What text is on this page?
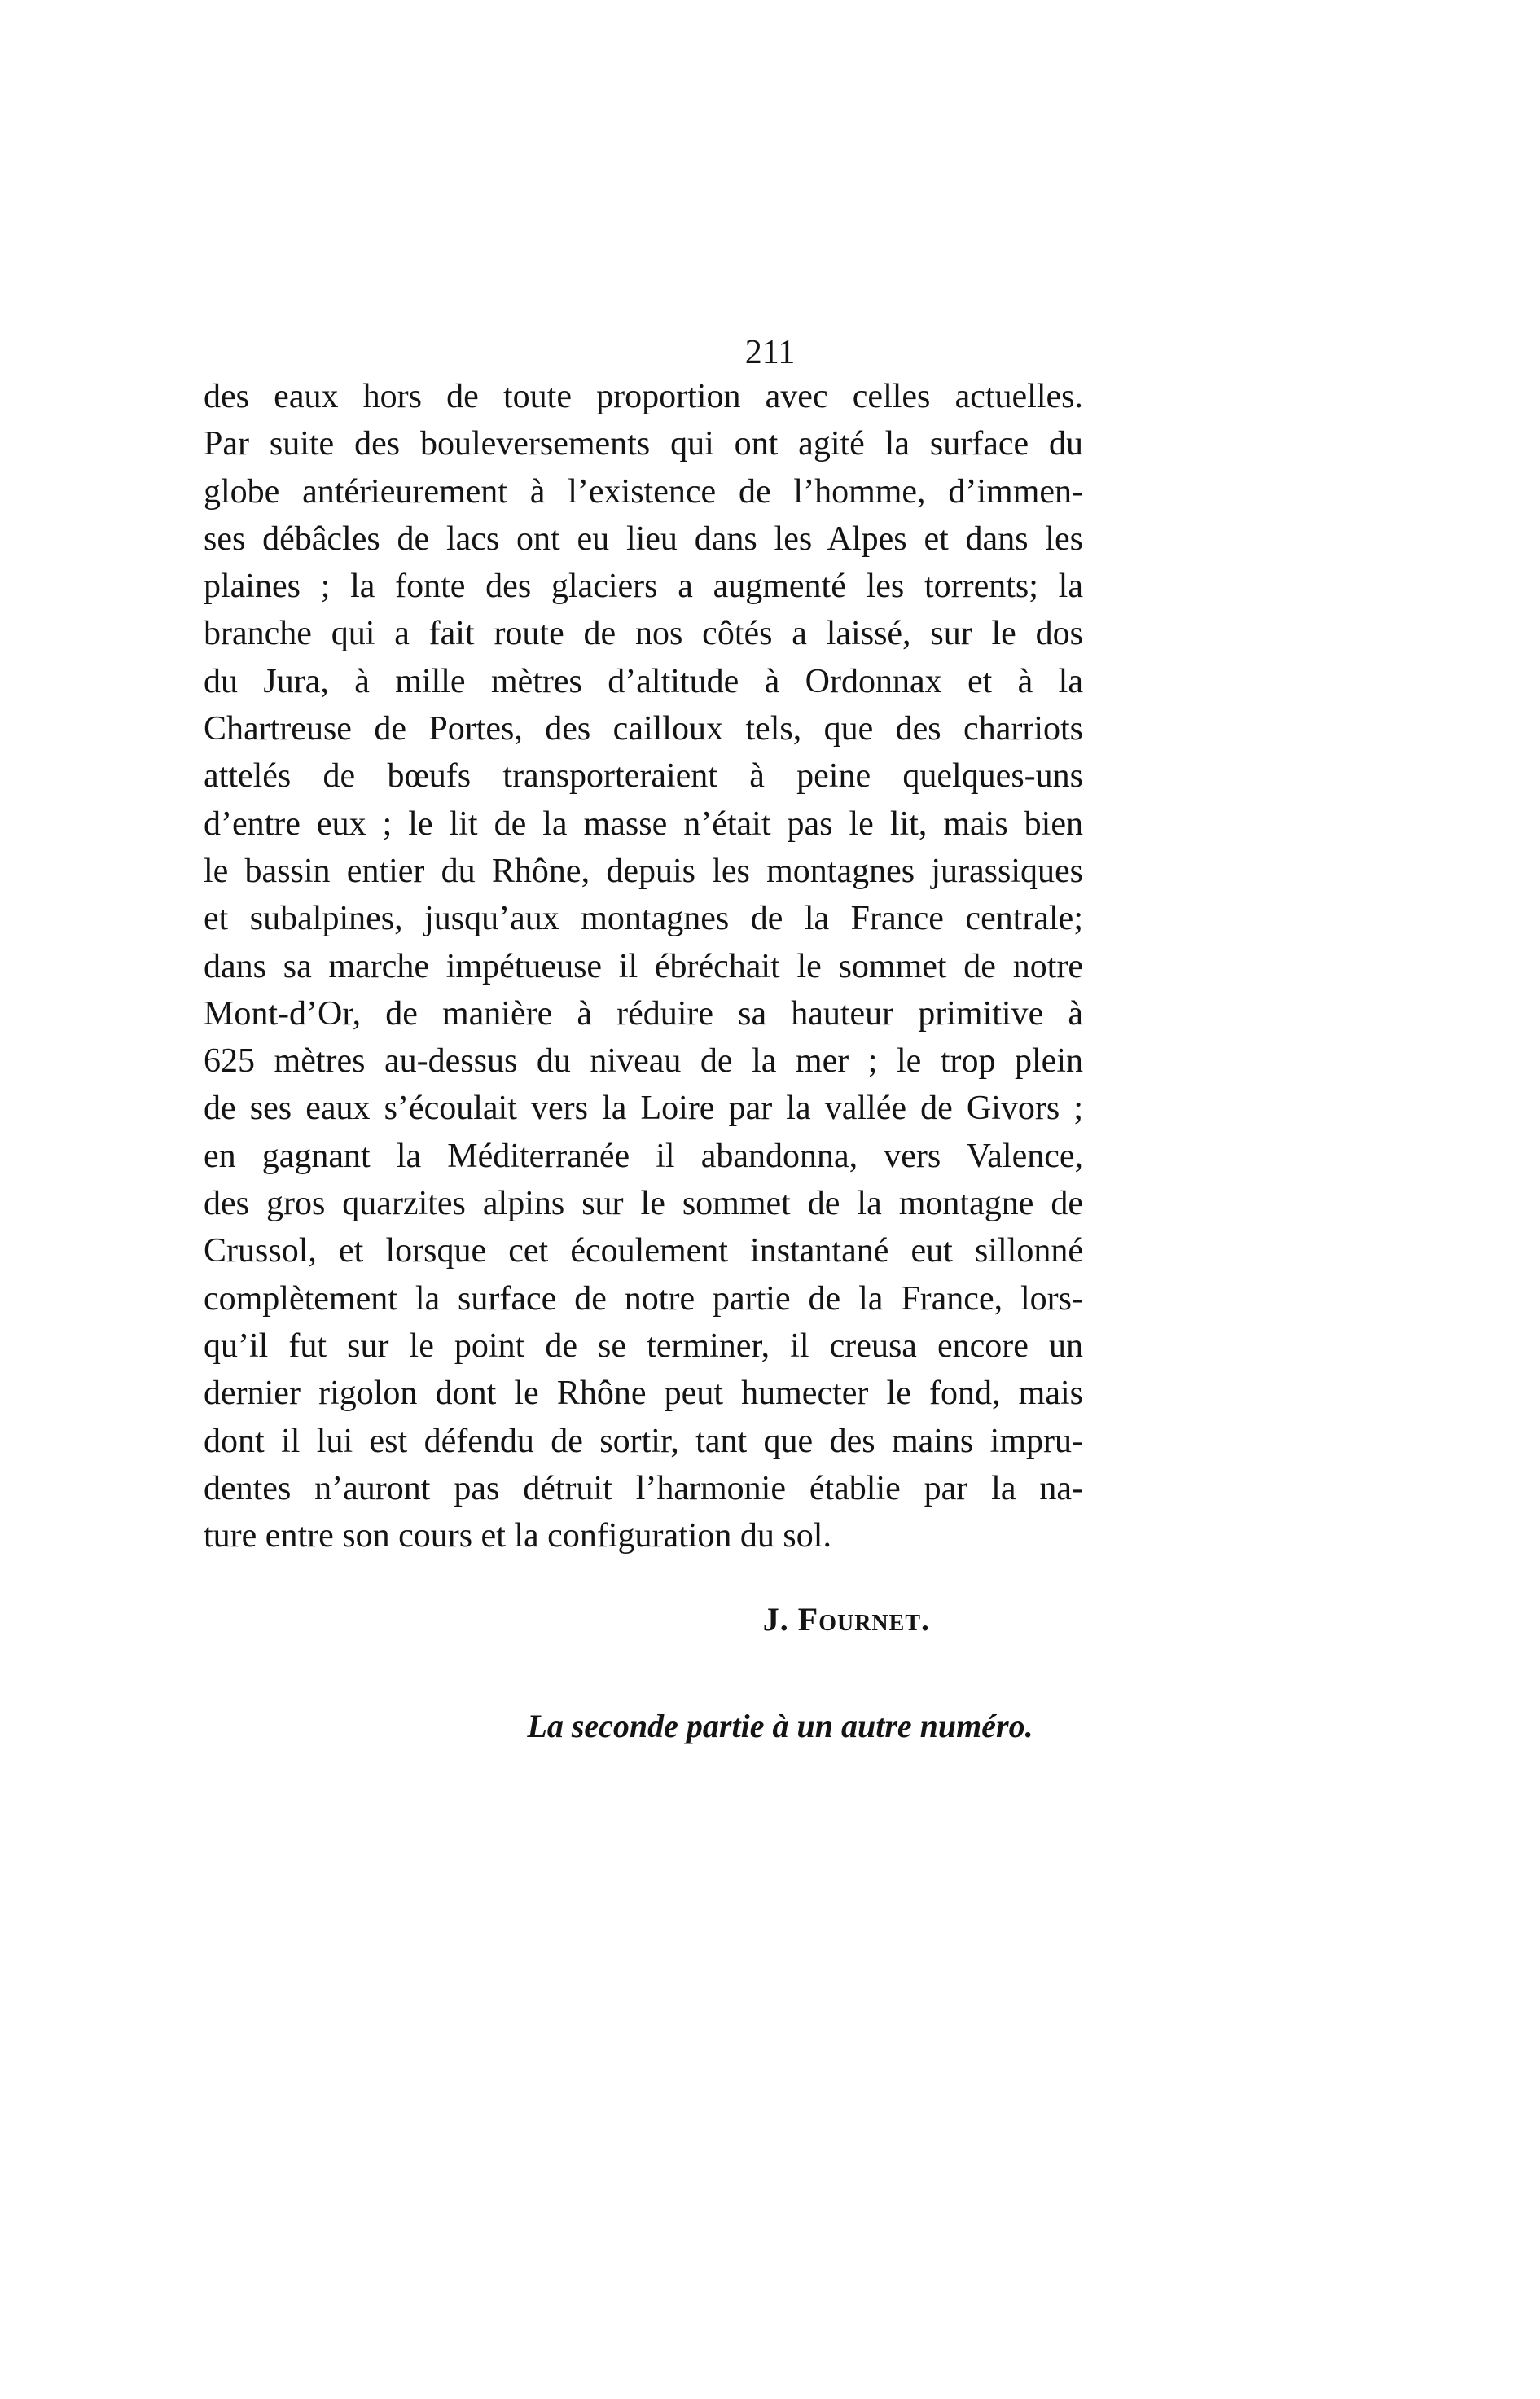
211
des eaux hors de toute proportion avec celles actuelles.
Par suite des bouleversements qui ont agité la surface du
globe antérieurement à l’existence de l’homme, d’immen-
ses débâcles de lacs ont eu lieu dans les Alpes et dans les
plaines ; la fonte des glaciers a augmenté les torrents; la
branche qui a fait route de nos côtés a laissé, sur le dos
du Jura, à mille mètres d’altitude à Ordonnax et à la
Chartreuse de Portes, des cailloux tels, que des charriots
attelés de bœufs transporteraient à peine quelques-uns
d’entre eux ; le lit de la masse n’était pas le lit, mais bien
le bassin entier du Rhône, depuis les montagnes jurassiques
et subalpines, jusqu’aux montagnes de la France centrale;
dans sa marche impétueuse il ébréchait le sommet de notre
Mont-d’Or, de manière à réduire sa hauteur primitive à
625 mètres au-dessus du niveau de la mer ; le trop plein
de ses eaux s’écoulait vers la Loire par la vallée de Givors ;
en gagnant la Méditerranée il abandonna, vers Valence,
des gros quarzites alpins sur le sommet de la montagne de
Crussol, et lorsque cet écoulement instantané eut sillonné
complètement la surface de notre partie de la France, lors-
qu’il fut sur le point de se terminer, il creusa encore un
dernier rigolon dont le Rhône peut humecter le fond, mais
dont il lui est défendu de sortir, tant que des mains impru-
dentes n’auront pas détruit l’harmonie établie par la na-
ture entre son cours et la configuration du sol.
J. Fournet.
La seconde partie à un autre numéro.
